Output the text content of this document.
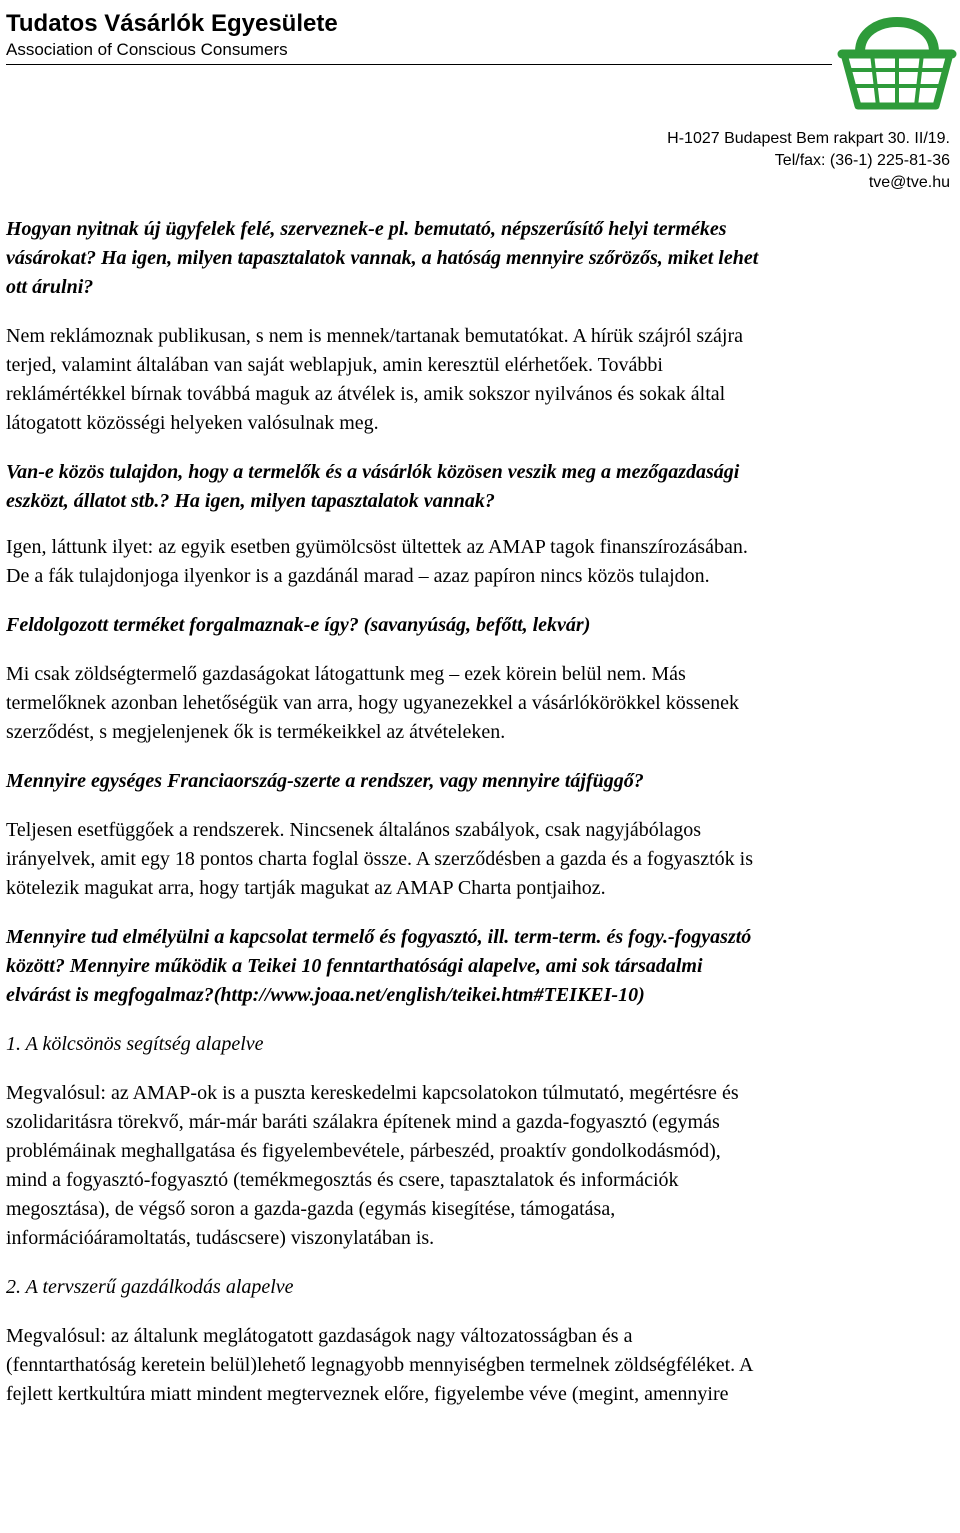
Tudatos Vásárlók Egyesülete
Association of Conscious Consumers
H-1027 Budapest Bem rakpart 30. II/19.
Tel/fax: (36-1) 225-81-36
tve@tve.hu

Hogyan nyitnak új ügyfelek felé, szerveznek-e pl. bemutató, népszerűsítő helyi termékes
vásárokat? Ha igen, milyen tapasztalatok vannak, a hatóság mennyire szőrözős, miket lehet
ott árulni?

Nem reklámoznak publikusan, s nem is mennek/tartanak bemutatókat. A hírük szájról szájra
terjed, valamint általában van saját weblapjuk, amin keresztül elérhetőek. További
reklámértékkel bírnak továbbá maguk az átvélek is, amik sokszor nyilvános és sokak által
látogatott közösségi helyeken valósulnak meg.

Van-e közös tulajdon, hogy a termelők és a vásárlók közösen veszik meg a mezőgazdasági
eszközt, állatot stb.? Ha igen, milyen tapasztalatok vannak?

Igen, láttunk ilyet: az egyik esetben gyümölcsöst ültettek az AMAP tagok finanszírozásában.
De a fák tulajdonjoga ilyenkor is a gazdánál marad – azaz papíron nincs közös tulajdon.

Feldolgozott terméket forgalmaznak-e így? (savanyúság, befőtt, lekvár)

Mi csak zöldségtermelő gazdaságokat látogattunk meg – ezek körein belül nem. Más
termelőknek azonban lehetőségük van arra, hogy ugyanezekkel a vásárlókörökkel kössenek
szerződést, s megjelenjenek ők is termékeikkel az átvételeken.

Mennyire egységes Franciaország-szerte a rendszer, vagy mennyire tájfüggő?

Teljesen esetfüggőek a rendszerek. Nincsenek általános szabályok, csak nagyjábólagos
irányelvek, amit egy 18 pontos charta foglal össze. A szerződésben a gazda és a fogyasztók is
kötelezik magukat arra, hogy tartják magukat az AMAP Charta pontjaihoz.

Mennyire tud elmélyülni a kapcsolat termelő és fogyasztó, ill. term-term. és fogy.-fogyasztó
között? Mennyire működik a Teikei 10 fenntarthatósági alapelve, ami sok társadalmi
elvárást is megfogalmaz?(http://www.joaa.net/english/teikei.htm#TEIKEI-10)

1. A kölcsönös segítség alapelve

Megvalósul: az AMAP-ok is a puszta kereskedelmi kapcsolatokon túlmutató, megértésre és
szolidaritásra törekvő, már-már baráti szálakra építenek mind a gazda-fogyasztó (egymás
problémáinak meghallgatása és figyelembevétele, párbeszéd, proaktív gondolkodásmód),
mind a fogyasztó-fogyasztó (temékmegosztás és csere, tapasztalatok és információk
megosztása), de végső soron a gazda-gazda (egymás kisegítése, támogatása,
információáramoltatás, tudáscsere) viszonylatában is.

2. A tervszerű gazdálkodás alapelve

Megvalósul: az általunk meglátogatott gazdaságok nagy változatosságban és a
(fenntarthatóság keretein belül)lehető legnagyobb mennyiségben termelnek zöldségféléket. A
fejlett kertkultúra miatt mindent megterveznek előre, figyelembe véve (megint, amennyire
